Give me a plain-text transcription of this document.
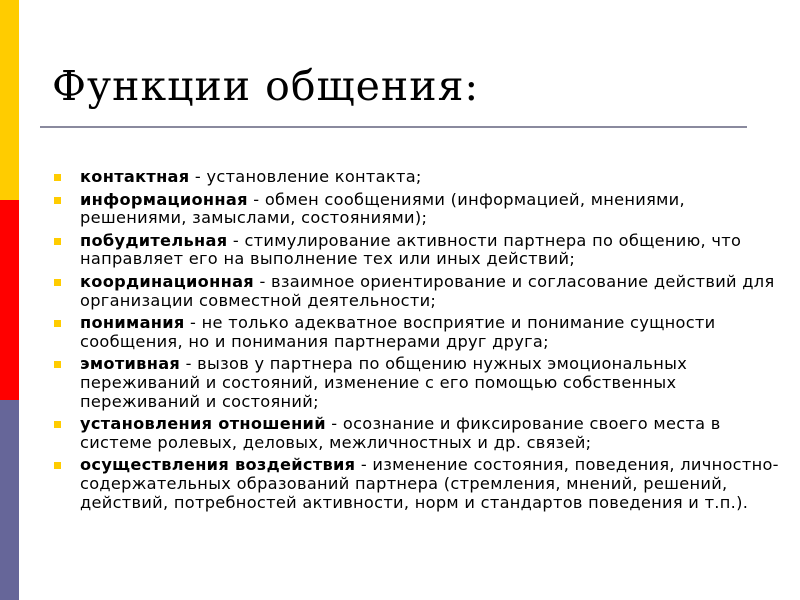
Функции общения:
контактная - установление контакта;
информационная - обмен сообщениями (информацией, мнениями, решениями, замыслами, состояниями);
побудительная - стимулирование активности партнера по общению, что направляет его на выполнение тех или иных действий;
координационная - взаимное ориентирование и согласование действий для организации совместной деятельности;
понимания - не только адекватное восприятие и понимание сущности сообщения, но и понимания партнерами друг друга;
эмотивная - вызов у партнера по общению нужных эмоциональных переживаний и состояний, изменение с его помощью собственных переживаний и состояний;
установления отношений - осознание и фиксирование своего места в системе ролевых, деловых, межличностных и др. связей;
осуществления воздействия - изменение состояния, поведения, личностно-содержательных образований партнера (стремления, мнений, решений, действий, потребностей активности, норм и стандартов поведения и т.п.).
